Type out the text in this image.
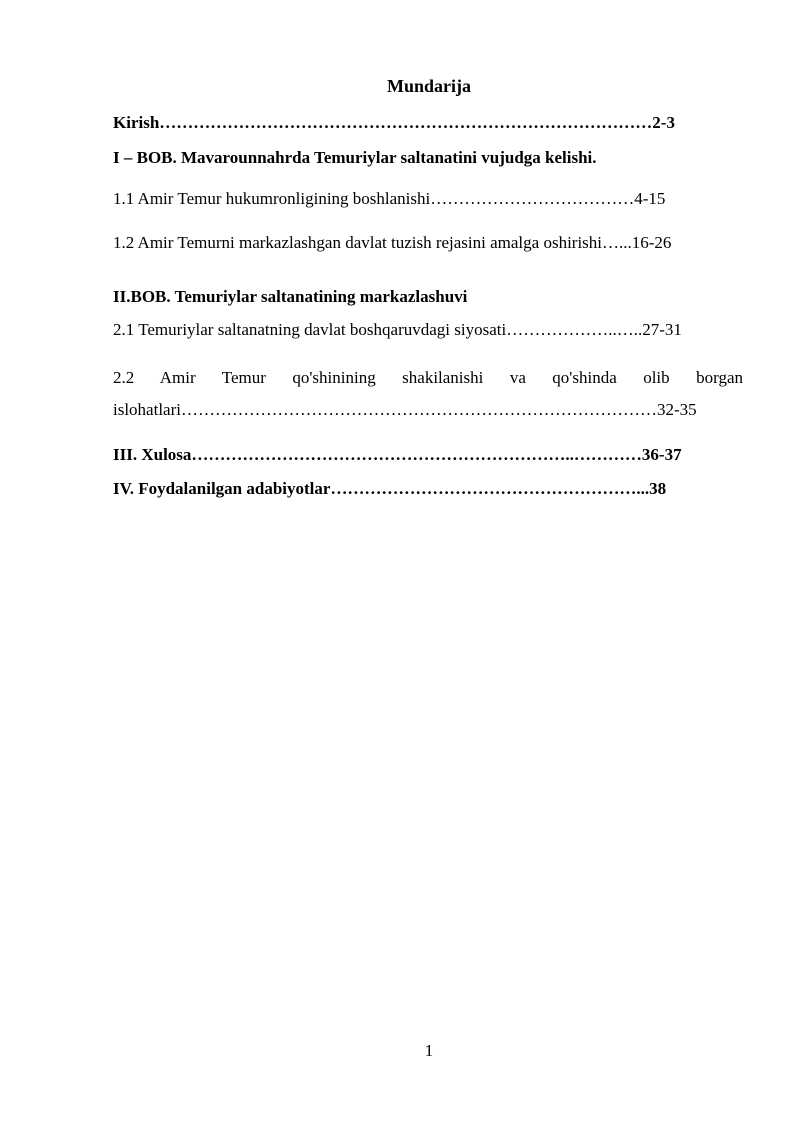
Mundarija
Kirish……………………………………………………………………………2-3
I – BOB. Mavarounnahrda Temuriylar saltanatini vujudga kelishi.
1.1 Amir Temur hukumronligining boshlanishi………………………………4-15
1.2 Amir Temurni markazlashgan davlat tuzish rejasini amalga oshirishi…...16-26
II.BOB. Temuriylar saltanatining markazlashuvi
2.1 Temuriylar saltanatning davlat boshqaruvdagi siyosati………………..…..27-31
2.2 Amir Temur qo'shinining shakilanishi va qo'shinda olib borgan
islohatlari…………………………………………………………………………32-35
III. Xulosa…………………………………………………………..…………36-37
IV. Foydalanilgan adabiyotlar………………………………………………...38
1
